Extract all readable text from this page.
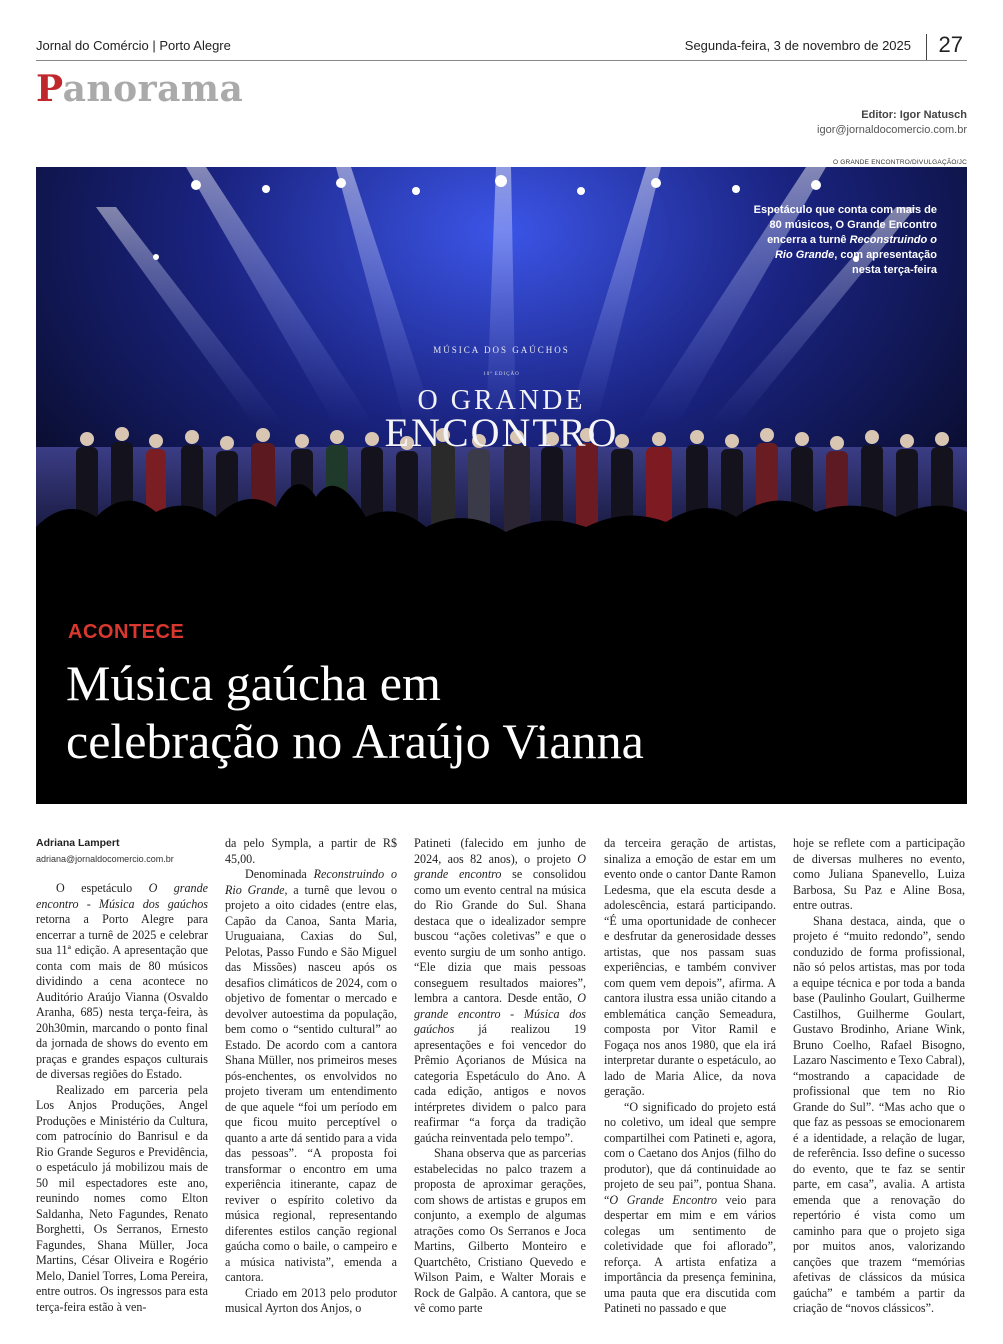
Jornal do Comércio | Porto Alegre	Segunda-feira, 3 de novembro de 2025 27
Panorama
Editor: Igor Natusch
igor@jornaldocomercio.com.br
O GRANDE ENCONTRO/DIVULGAÇÃO/JC
Espetáculo que conta com mais de 80 músicos, O Grande Encontro encerra a turnê Reconstruindo o Rio Grande, com apresentação nesta terça-feira
MÚSICA DOS GAÚCHOS
10ª EDIÇÃO
O GRANDE
ENCONTRO
ACONTECE
Música gaúcha em
celebração no Araújo Vianna

Adriana Lampert

adriana@jornaldocomercio.com.br

O espetáculo O grande encontro - Música dos gaúchos retorna a Porto Alegre para encerrar a turnê de 2025 e celebrar sua 11ª edição. A apresentação que conta com mais de 80 músicos dividindo a cena acontece no Auditório Araújo Vianna (Osvaldo Aranha, 685) nesta terça-feira, às 20h30min, marcando o ponto final da jornada de shows do evento em praças e grandes espaços culturais de diversas regiões do Estado.

Realizado em parceria pela Los Anjos Produções, Angel Produções e Ministério da Cultura, com patrocínio do Banrisul e da Rio Grande Seguros e Previdência, o espetáculo já mobilizou mais de 50 mil espectadores este ano, reunindo nomes como Elton Saldanha, Neto Fagundes, Renato Borghetti, Os Serranos, Ernesto Fagundes, Shana Müller, Joca Martins, César Oliveira e Rogério Melo, Daniel Torres, Loma Pereira, entre outros. Os ingressos para esta terça-feira estão à ven-

da pelo Sympla, a partir de R$ 45,00.

Denominada Reconstruindo o Rio Grande, a turnê que levou o projeto a oito cidades (entre elas, Capão da Canoa, Santa Maria, Uruguaiana, Caxias do Sul, Pelotas, Passo Fundo e São Miguel das Missões) nasceu após os desafios climáticos de 2024, com o objetivo de fomentar o mercado e devolver autoestima da população, bem como o “sentido cultural” ao Estado. De acordo com a cantora Shana Müller, nos primeiros meses pós-enchentes, os envolvidos no projeto tiveram um entendimento de que aquele “foi um período em que ficou muito perceptível o quanto a arte dá sentido para a vida das pessoas”. “A proposta foi transformar o encontro em uma experiência itinerante, capaz de reviver o espírito coletivo da música regional, representando diferentes estilos canção regional gaúcha como o baile, o campeiro e a música nativista”, emenda a cantora.

Criado em 2013 pelo produtor musical Ayrton dos Anjos, o

Patineti (falecido em junho de 2024, aos 82 anos), o projeto O grande encontro se consolidou como um evento central na música do Rio Grande do Sul. Shana destaca que o idealizador sempre buscou “ações coletivas” e que o evento surgiu de um sonho antigo. “Ele dizia que mais pessoas conseguem resultados maiores”, lembra a cantora. Desde então, O grande encontro - Música dos gaúchos já realizou 19 apresentações e foi vencedor do Prêmio Açorianos de Música na categoria Espetáculo do Ano. A cada edição, antigos e novos intérpretes dividem o palco para reafirmar “a força da tradição gaúcha reinventada pelo tempo”.

Shana observa que as parcerias estabelecidas no palco trazem a proposta de aproximar gerações, com shows de artistas e grupos em conjunto, a exemplo de algumas atrações como Os Serranos e Joca Martins, Gilberto Monteiro e Quartchêto, Cristiano Quevedo e Wilson Paim, e Walter Morais e Rock de Galpão. A cantora, que se vê como parte

da terceira geração de artistas, sinaliza a emoção de estar em um evento onde o cantor Dante Ramon Ledesma, que ela escuta desde a adolescência, estará participando. “É uma oportunidade de conhecer e desfrutar da generosidade desses artistas, que nos passam suas experiências, e também conviver com quem vem depois”, afirma. A cantora ilustra essa união citando a emblemática canção Semeadura, composta por Vitor Ramil e Fogaça nos anos 1980, que ela irá interpretar durante o espetáculo, ao lado de Maria Alice, da nova geração.

“O significado do projeto está no coletivo, um ideal que sempre compartilhei com Patineti e, agora, com o Caetano dos Anjos (filho do produtor), que dá continuidade ao projeto de seu pai”, pontua Shana. “O Grande Encontro veio para despertar em mim e em vários colegas um sentimento de coletividade que foi aflorado”, reforça. A artista enfatiza a importância da presença feminina, uma pauta que era discutida com Patineti no passado e que

hoje se reflete com a participação de diversas mulheres no evento, como Juliana Spanevello, Luiza Barbosa, Su Paz e Aline Bosa, entre outras.

Shana destaca, ainda, que o projeto é “muito redondo”, sendo conduzido de forma profissional, não só pelos artistas, mas por toda a equipe técnica e por toda a banda base (Paulinho Goulart, Guilherme Castilhos, Guilherme Goulart, Gustavo Brodinho, Ariane Wink, Bruno Coelho, Rafael Bisogno, Lazaro Nascimento e Texo Cabral), “mostrando a capacidade de profissional que tem no Rio Grande do Sul”. “Mas acho que o que faz as pessoas se emocionarem é a identidade, a relação de lugar, de referência. Isso define o sucesso do evento, que te faz se sentir parte, em casa”, avalia. A artista emenda que a renovação do repertório é vista como um caminho para que o projeto siga por muitos anos, valorizando canções que trazem “memórias afetivas de clássicos da música gaúcha” e também a partir da criação de “novos clássicos”.
